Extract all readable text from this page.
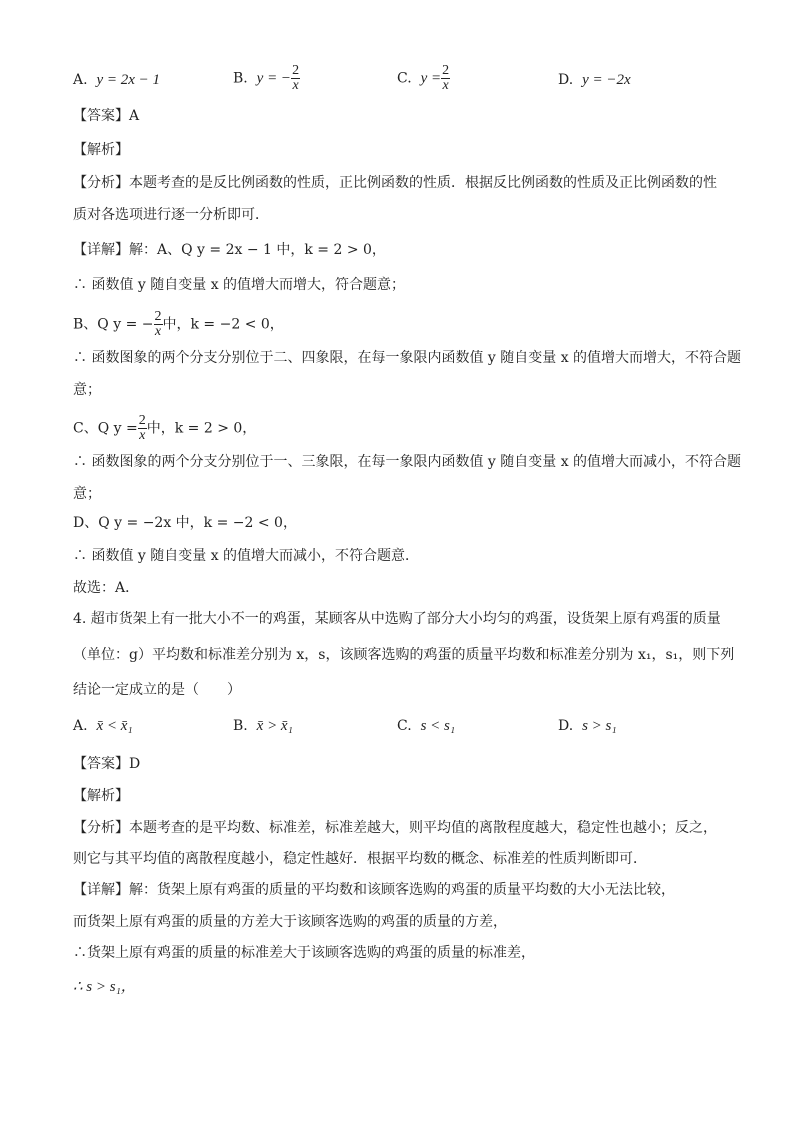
A. y = 2x − 1	B. y = − $\frac{2}{x}$	C. $y = \frac{2}{x}$	D. y = −2x
【答案】A
【解析】
【分析】本题考查的是反比例函数的性质，正比例函数的性质．根据反比例函数的性质及正比例函数的性
质对各选项进行逐一分析即可．
【详解】解：A、Q y = 2x − 1 中，k = 2 > 0，
∴ 函数值 y 随自变量 x 的值增大而增大，符合题意；
B、Q y = − $\frac{2}{x}$ 中，k = −2 < 0，
∴ 函数图象的两个分支分别位于二、四象限，在每一象限内函数值 y 随自变量 x 的值增大而增大，不符合题
意；
C、Q $y = \frac{2}{x}$ 中，k = 2 > 0，
∴ 函数图象的两个分支分别位于一、三象限，在每一象限内函数值 y 随自变量 x 的值增大而减小，不符合题
意；
D、Q y = −2x 中，k = −2 < 0，
∴ 函数值 y 随自变量 x 的值增大而减小，不符合题意．
故选：A．
4. 超市货架上有一批大小不一的鸡蛋，某顾客从中选购了部分大小均匀的鸡蛋，设货架上原有鸡蛋的质量
（单位：g）平均数和标准差分别为 x，s，该顾客选购的鸡蛋的质量平均数和标准差分别为 x₁，s₁，则下列
结论一定成立的是（　　）
A. x̄ < x̄₁	B. x̄ > x̄₁	C. s < s₁	D. s > s₁
【答案】D
【解析】
【分析】本题考查的是平均数、标准差，标准差越大，则平均值的离散程度越大，稳定性也越小；反之，
则它与其平均值的离散程度越小，稳定性越好．根据平均数的概念、标准差的性质判断即可．
【详解】解：货架上原有鸡蛋的质量的平均数和该顾客选购的鸡蛋的质量平均数的大小无法比较，
而货架上原有鸡蛋的质量的方差大于该顾客选购的鸡蛋的质量的方差，
∴货架上原有鸡蛋的质量的标准差大于该顾客选购的鸡蛋的质量的标准差，
∴ s > s₁，
